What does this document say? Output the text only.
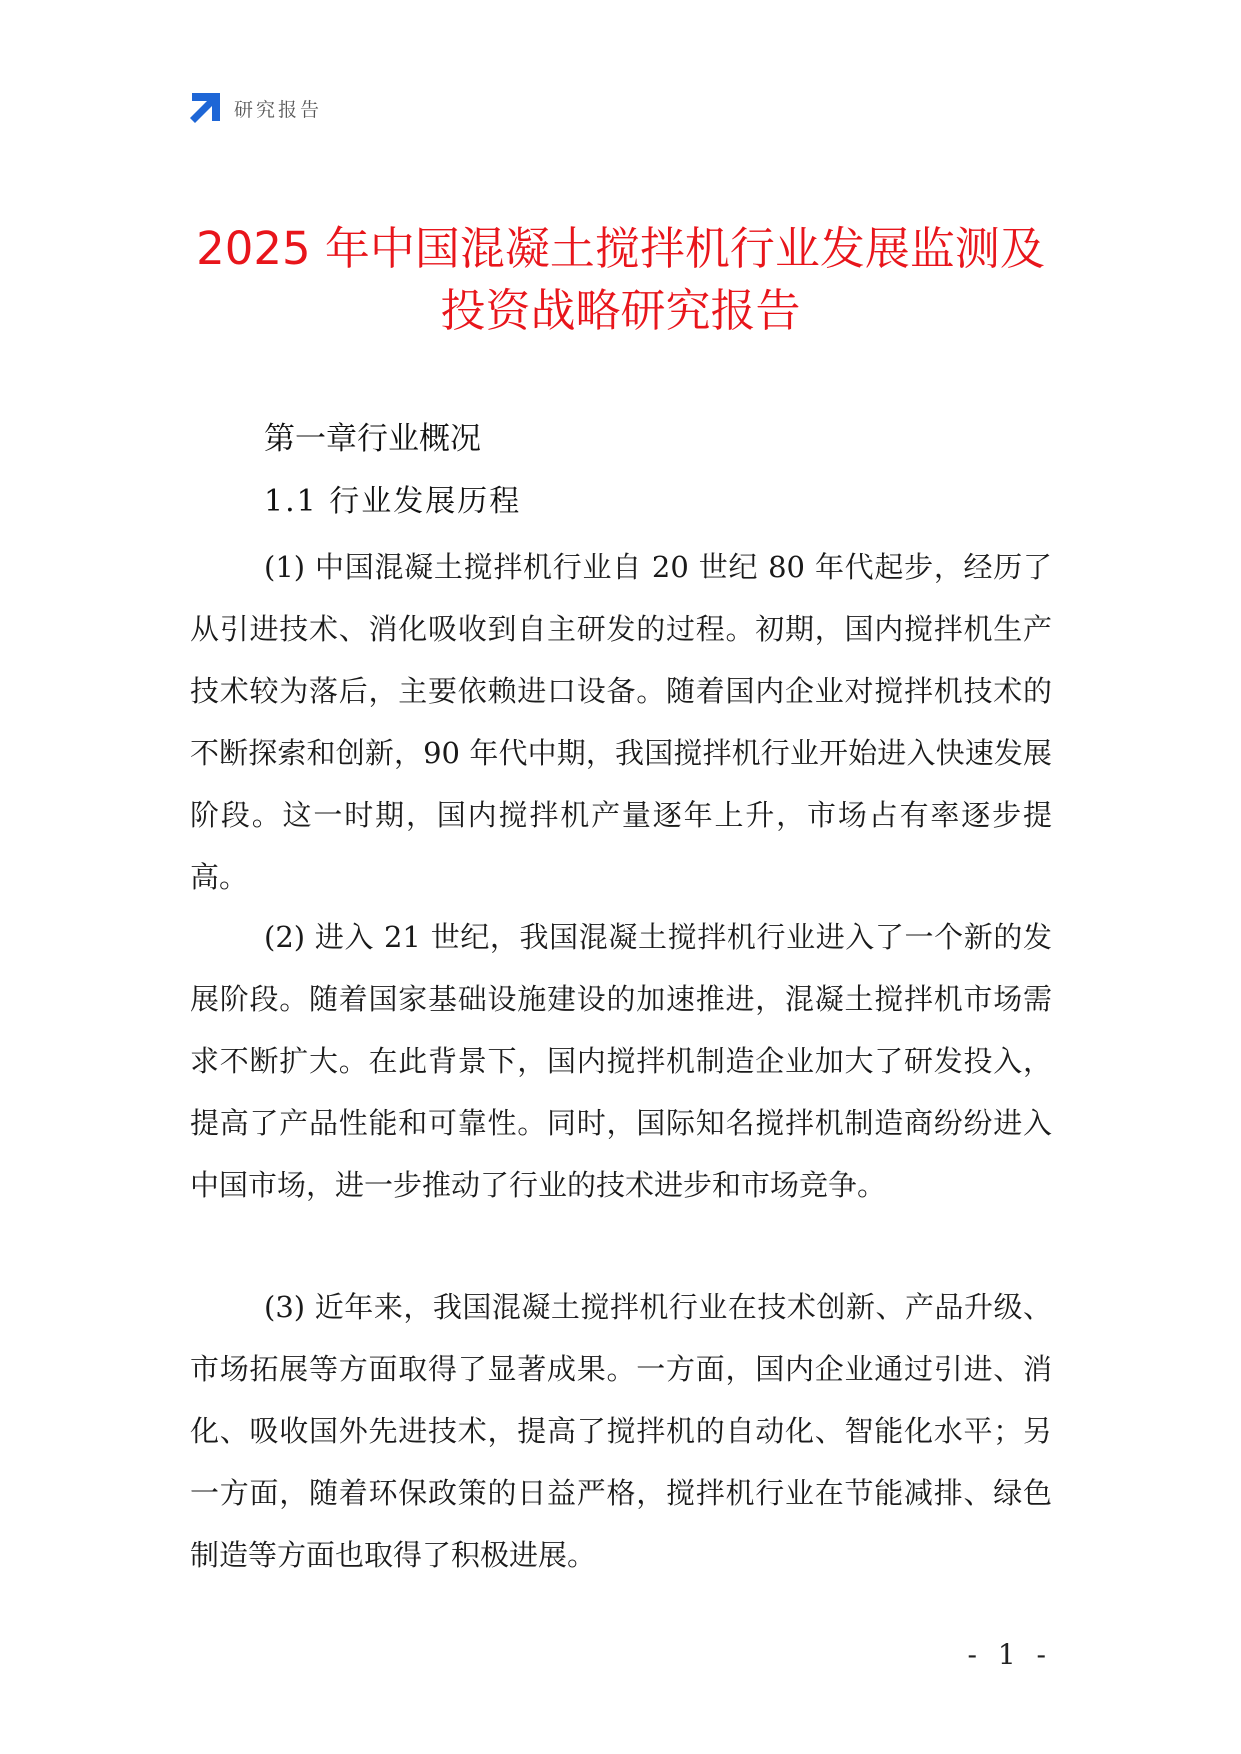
研究报告
2025 年中国混凝土搅拌机行业发展监测及
投资战略研究报告
第一章行业概况
1.1 行业发展历程

(1) 中国混凝土搅拌机行业自 20 世纪 80 年代起步，经历了从引进技术、消化吸收到自主研发的过程。初期，国内搅拌机生产技术较为落后，主要依赖进口设备。随着国内企业对搅拌机技术的不断探索和创新，90 年代中期，我国搅拌机行业开始进入快速发展阶段。这一时期，国内搅拌机产量逐年上升，市场占有率逐步提高。

(2) 进入 21 世纪，我国混凝土搅拌机行业进入了一个新的发展阶段。随着国家基础设施建设的加速推进，混凝土搅拌机市场需求不断扩大。在此背景下，国内搅拌机制造企业加大了研发投入，提高了产品性能和可靠性。同时，国际知名搅拌机制造商纷纷进入中国市场，进一步推动了行业的技术进步和市场竞争。

(3) 近年来，我国混凝土搅拌机行业在技术创新、产品升级、市场拓展等方面取得了显著成果。一方面，国内企业通过引进、消化、吸收国外先进技术，提高了搅拌机的自动化、智能化水平；另一方面，随着环保政策的日益严格，搅拌机行业在节能减排、绿色制造等方面也取得了积极进展。

- 1 -
